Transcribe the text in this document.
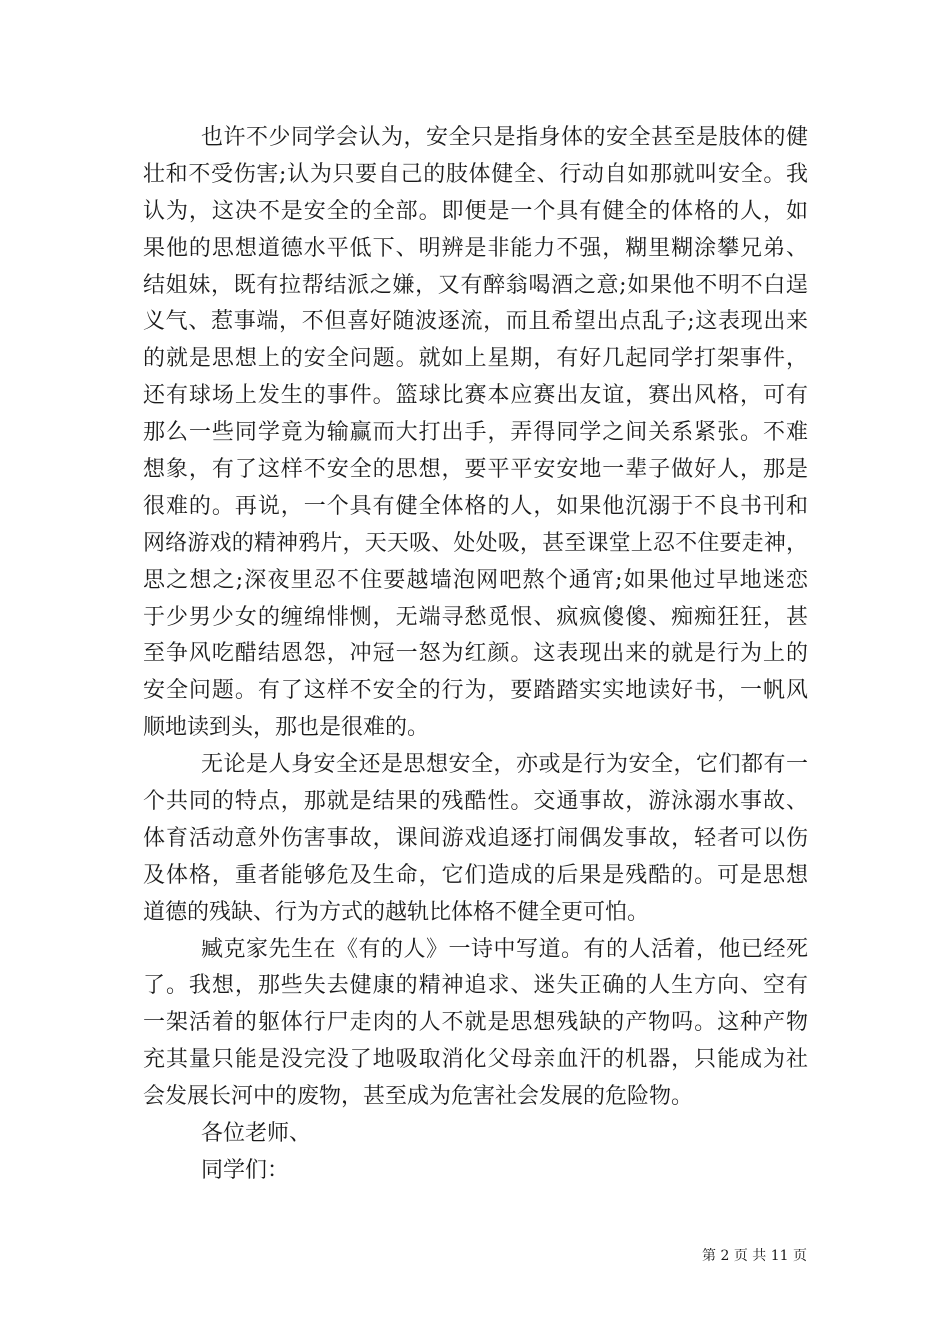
也许不少同学会认为，安全只是指身体的安全甚至是肢体的健
壮和不受伤害;认为只要自己的肢体健全、行动自如那就叫安全。我
认为，这决不是安全的全部。即便是一个具有健全的体格的人，如
果他的思想道德水平低下、明辨是非能力不强，糊里糊涂攀兄弟、
结姐妹，既有拉帮结派之嫌，又有醉翁喝酒之意;如果他不明不白逞
义气、惹事端，不但喜好随波逐流，而且希望出点乱子;这表现出来
的就是思想上的安全问题。就如上星期，有好几起同学打架事件，
还有球场上发生的事件。篮球比赛本应赛出友谊，赛出风格，可有
那么一些同学竟为输赢而大打出手，弄得同学之间关系紧张。不难
想象，有了这样不安全的思想，要平平安安地一辈子做好人，那是
很难的。再说，一个具有健全体格的人，如果他沉溺于不良书刊和
网络游戏的精神鸦片，天天吸、处处吸，甚至课堂上忍不住要走神，
思之想之;深夜里忍不住要越墙泡网吧熬个通宵;如果他过早地迷恋
于少男少女的缠绵悱恻，无端寻愁觅恨、疯疯傻傻、痴痴狂狂，甚
至争风吃醋结恩怨，冲冠一怒为红颜。这表现出来的就是行为上的
安全问题。有了这样不安全的行为，要踏踏实实地读好书，一帆风
顺地读到头，那也是很难的。
无论是人身安全还是思想安全，亦或是行为安全，它们都有一
个共同的特点，那就是结果的残酷性。交通事故，游泳溺水事故、
体育活动意外伤害事故，课间游戏追逐打闹偶发事故，轻者可以伤
及体格，重者能够危及生命，它们造成的后果是残酷的。可是思想
道德的残缺、行为方式的越轨比体格不健全更可怕。
臧克家先生在《有的人》一诗中写道。有的人活着，他已经死
了。我想，那些失去健康的精神追求、迷失正确的人生方向、空有
一架活着的躯体行尸走肉的人不就是思想残缺的产物吗。这种产物
充其量只能是没完没了地吸取消化父母亲血汗的机器，只能成为社
会发展长河中的废物，甚至成为危害社会发展的危险物。
各位老师、
同学们：
第 2 页 共 11 页
